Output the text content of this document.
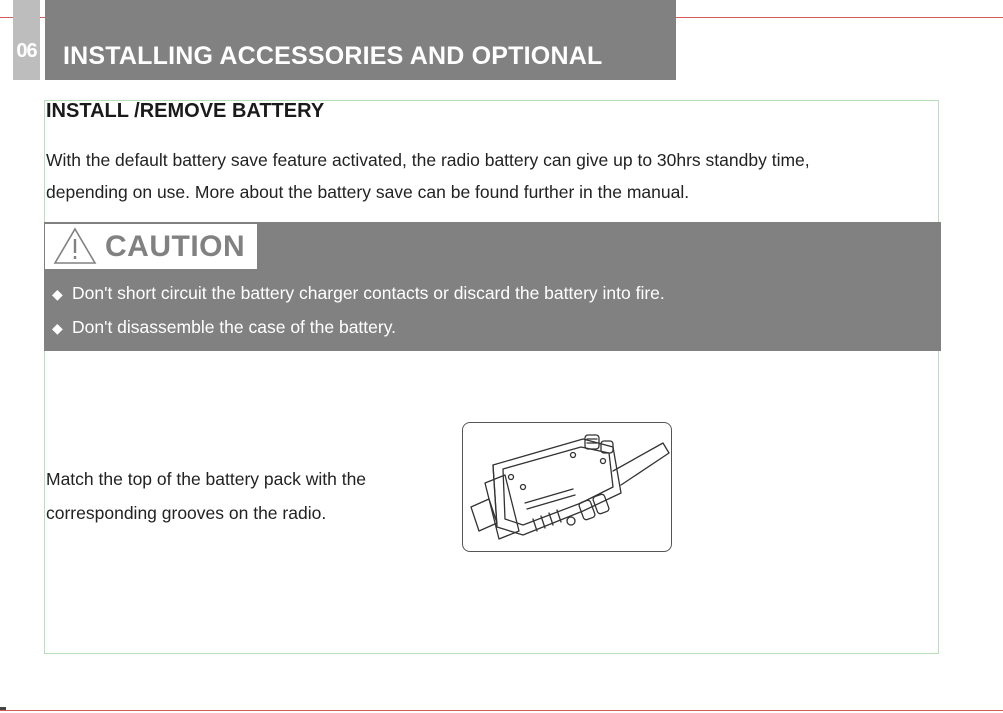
06 INSTALLING ACCESSORIES AND OPTIONAL
INSTALL /REMOVE BATTERY

With the default battery save feature activated, the radio battery can give up to 30hrs standby time,

depending on use. More about the battery save can be found further in the manual.

CAUTION
◆ Don't short circuit the battery charger contacts or discard the battery into fire.
◆ Don't disassemble the case of the battery.

Match the top of the battery pack with the

corresponding grooves on the radio.
